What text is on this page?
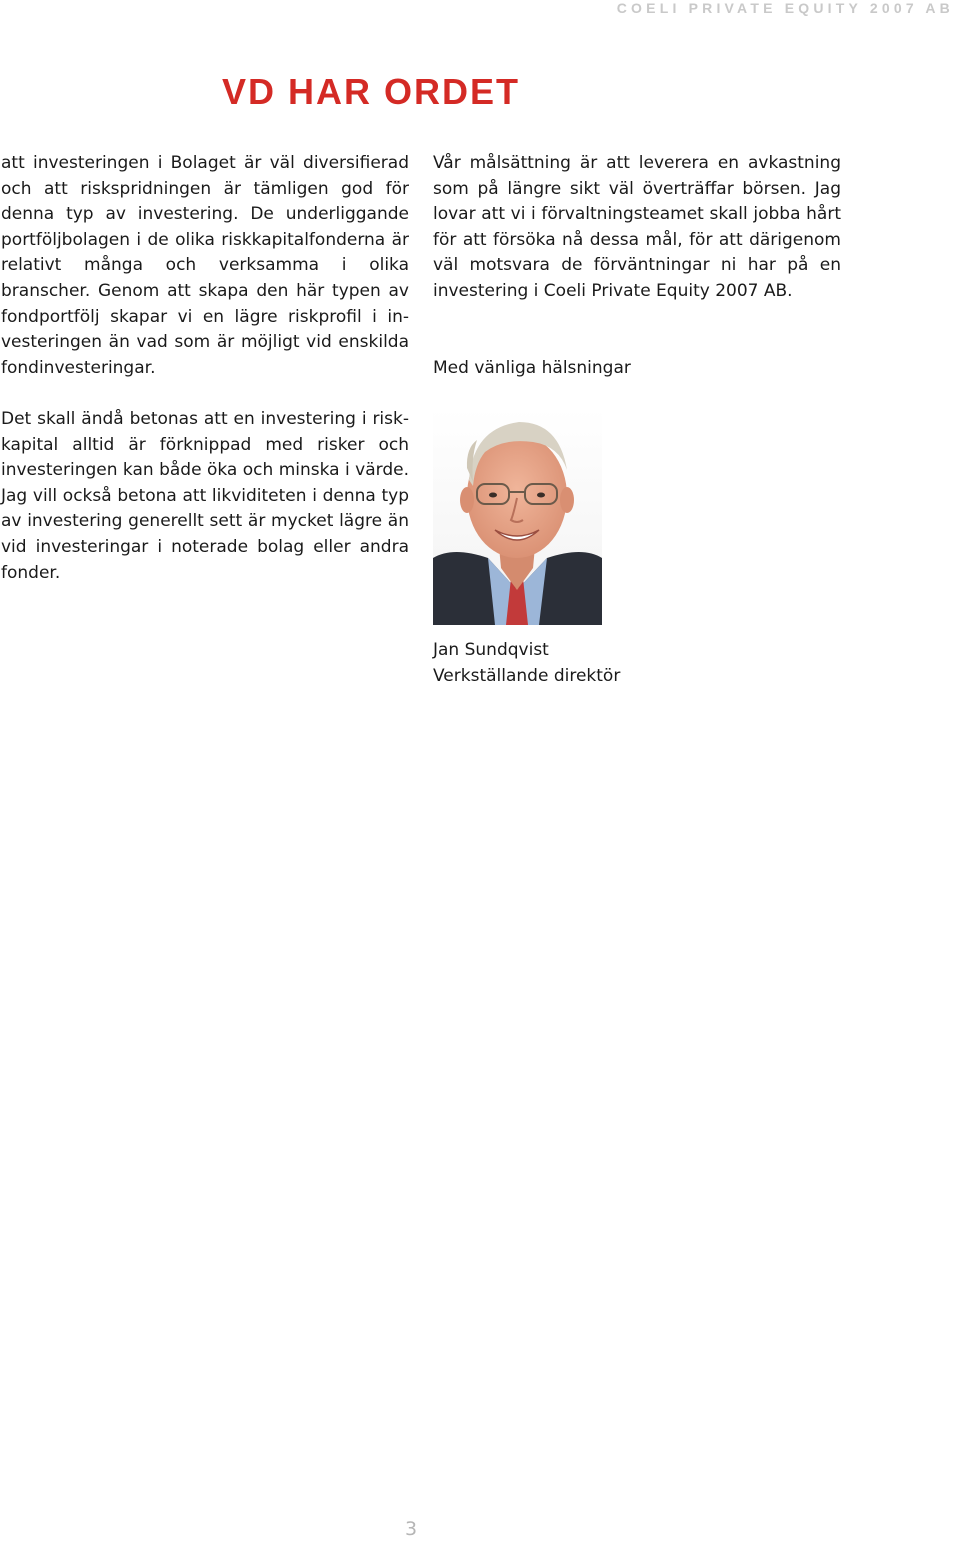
COELI PRIVATE EQUITY 2007 AB
VD HAR ORDET

att investeringen i Bolaget är väl diversifierad och att riskspridningen är tämligen god för denna typ av investering. De underliggande portföljbolagen i de olika riskkapitalfonderna är relativt många och verksamma i olika branscher. Genom att skapa den här typen av fondportfölj skapar vi en lägre riskprofil i investeringen än vad som är möjligt vid enskilda fondinvesteringar.

Det skall ändå betonas att en investering i riskkapital alltid är förknippad med risker och investeringen kan både öka och minska i värde. Jag vill också betona att likviditeten i denna typ av investering generellt sett är mycket lägre än vid investeringar i noterade bolag eller andra fonder.

Vår målsättning är att leverera en avkastning som på längre sikt väl överträffar börsen. Jag lovar att vi i förvaltningsteamet skall jobba hårt för att försöka nå dessa mål, för att därigenom väl motsvara de förväntningar ni har på en investering i Coeli Private Equity 2007 AB.

Med vänliga hälsningar
Jan Sundqvist
Verkställande direktör
3
